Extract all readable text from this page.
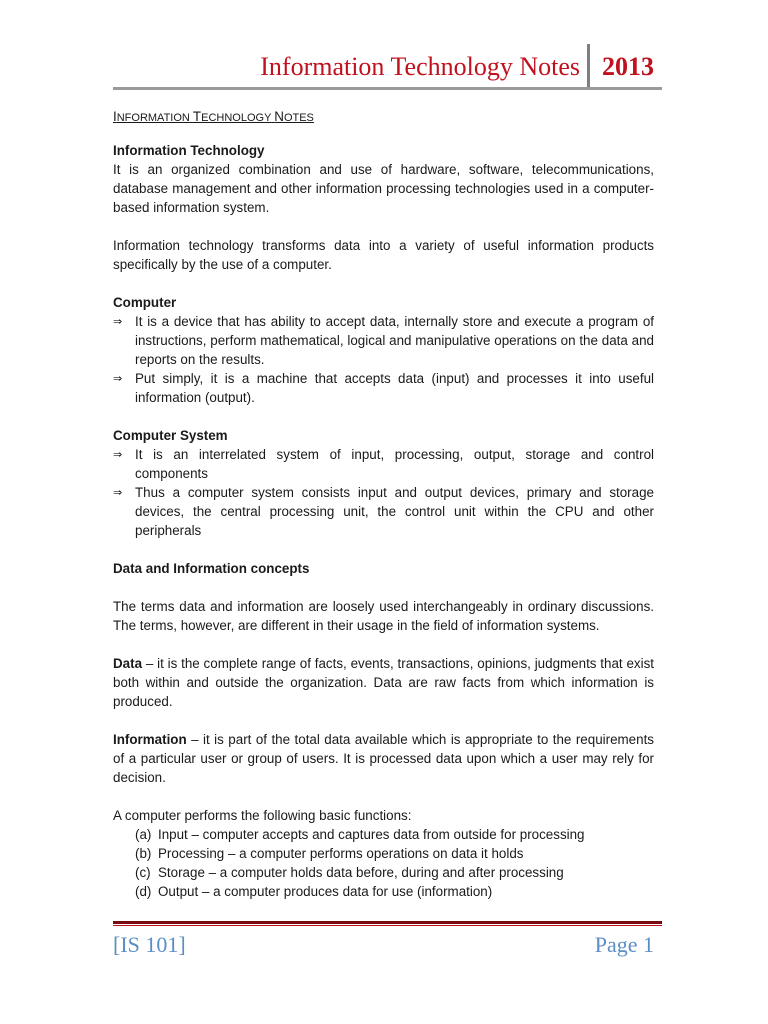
Information Technology Notes 2013
INFORMATION TECHNOLOGY NOTES
Information Technology

It is an organized combination and use of hardware, software, telecommunications, database management and other information processing technologies used in a computer-based information system.

Information technology transforms data into a variety of useful information products specifically by the use of a computer.

Computer
⇒ It is a device that has ability to accept data, internally store and execute a program of instructions, perform mathematical, logical and manipulative operations on the data and reports on the results.
⇒ Put simply, it is a machine that accepts data (input) and processes it into useful information (output).
Computer System
⇒ It is an interrelated system of input, processing, output, storage and control components
⇒ Thus a computer system consists input and output devices, primary and storage devices, the central processing unit, the control unit within the CPU and other peripherals
Data and Information concepts

The terms data and information are loosely used interchangeably in ordinary discussions. The terms, however, are different in their usage in the field of information systems.

Data – it is the complete range of facts, events, transactions, opinions, judgments that exist both within and outside the organization. Data are raw facts from which information is produced.

Information – it is part of the total data available which is appropriate to the requirements of a particular user or group of users. It is processed data upon which a user may rely for decision.

A computer performs the following basic functions:

(a) Input – computer accepts and captures data from outside for processing
(b) Processing – a computer performs operations on data it holds
(c) Storage – a computer holds data before, during and after processing
(d) Output – a computer produces data for use (information)
[IS 101]	Page 1
